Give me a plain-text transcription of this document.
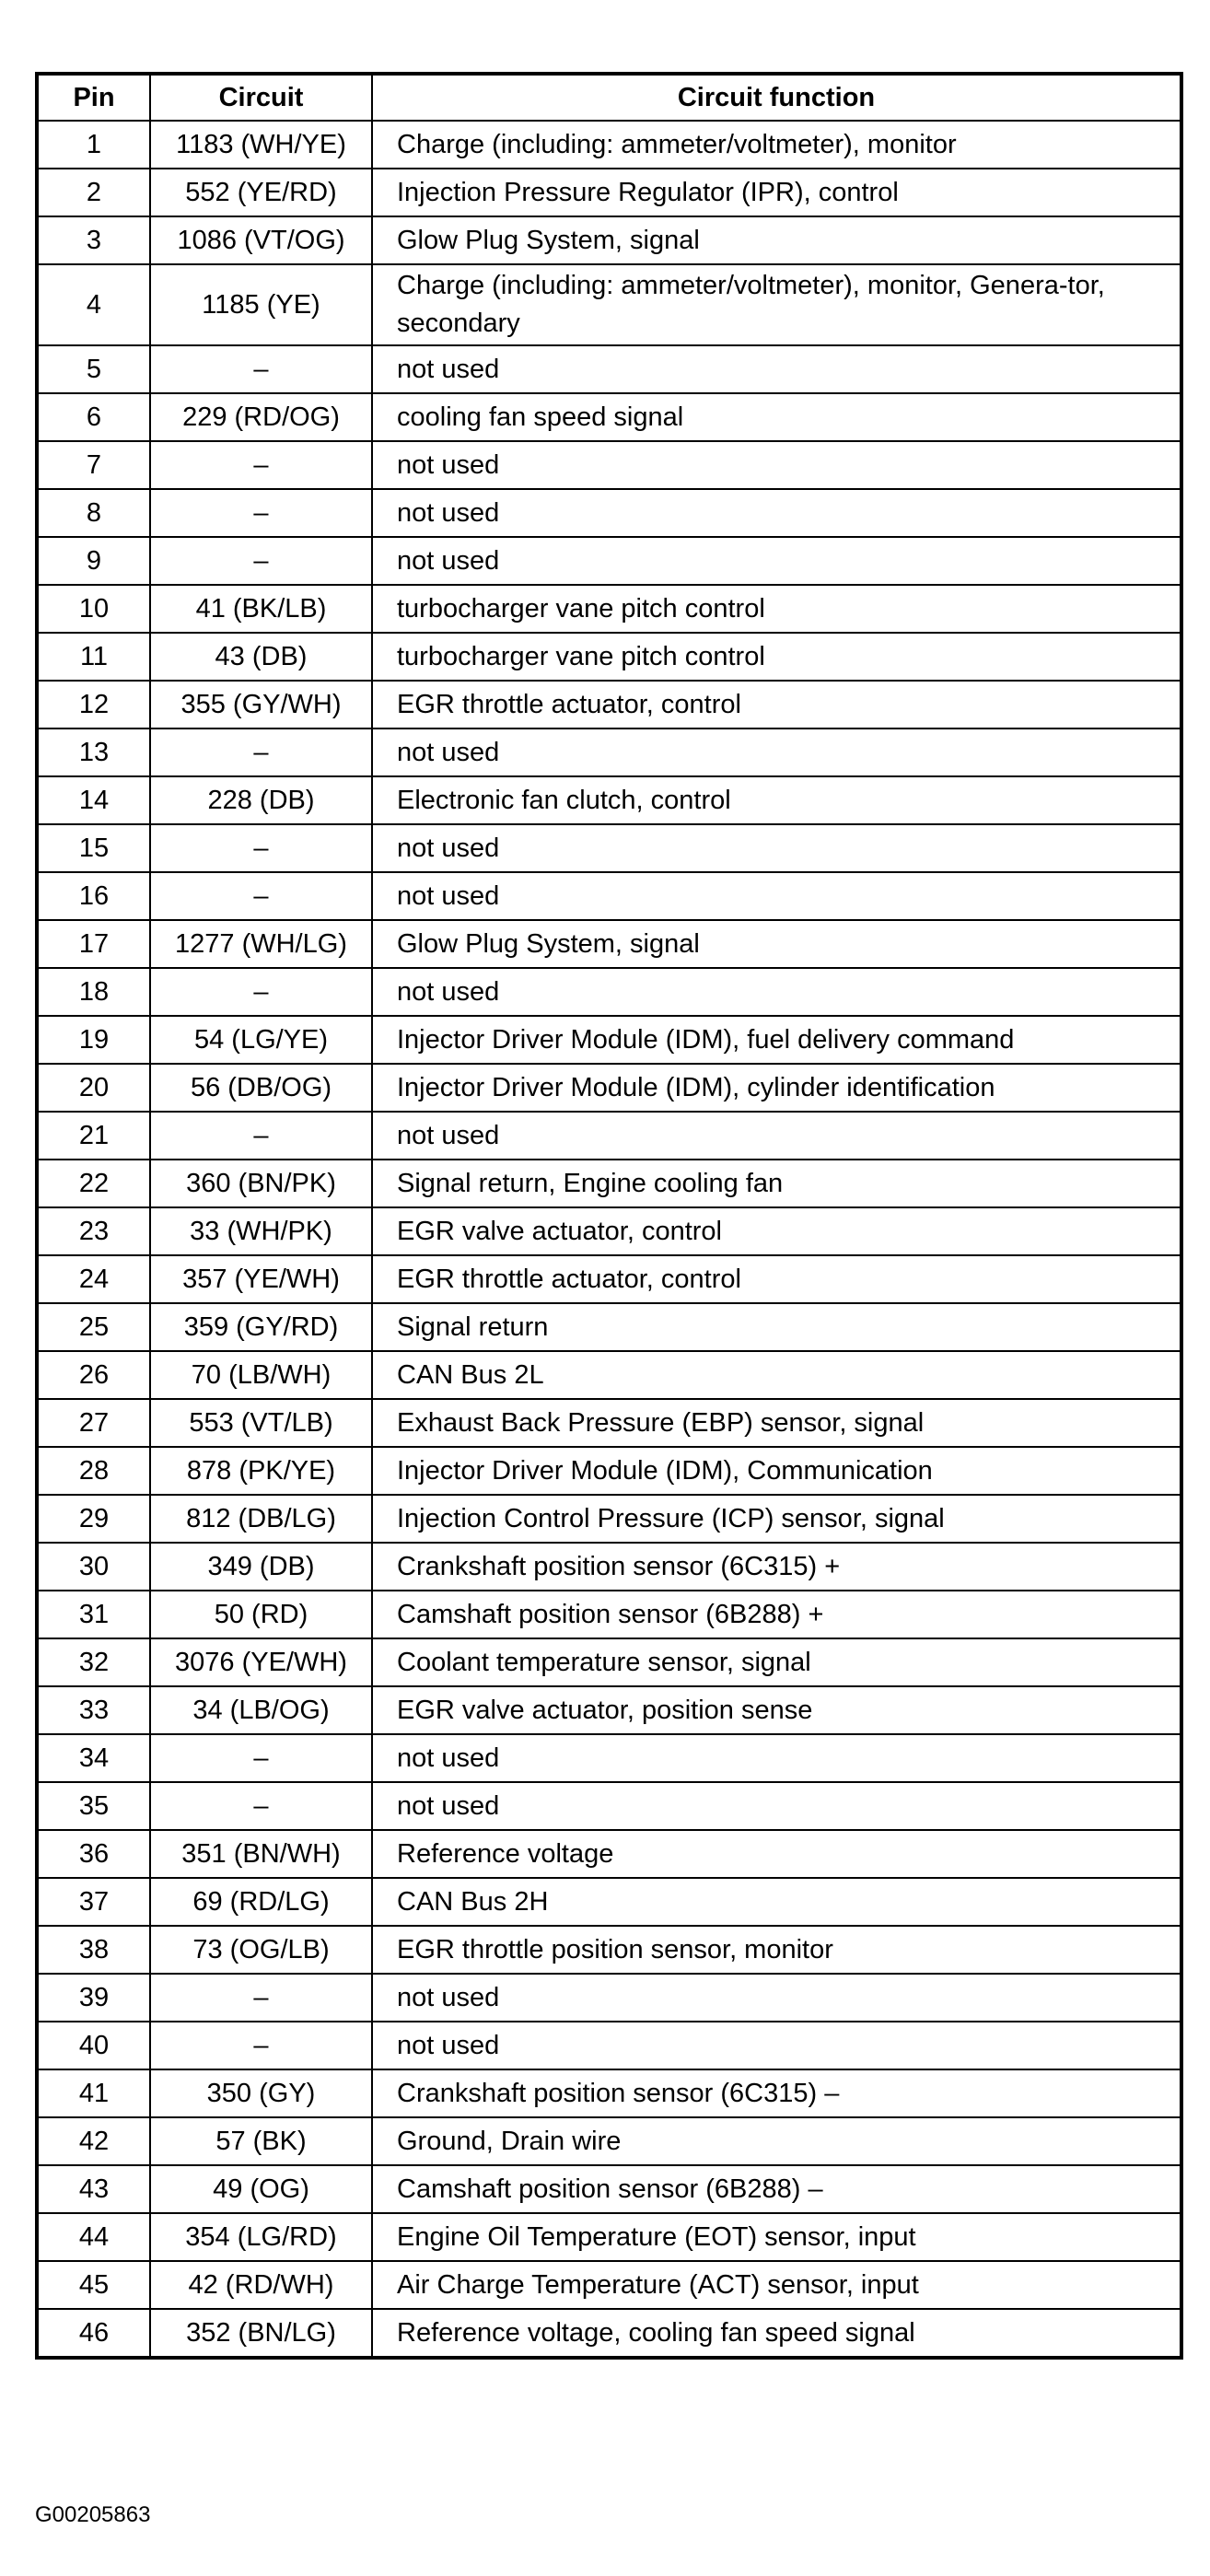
Pin	Circuit	Circuit function
1	1183 (WH/YE)	Charge (including: ammeter/voltmeter), monitor
2	552 (YE/RD)	Injection Pressure Regulator (IPR), control
3	1086 (VT/OG)	Glow Plug System, signal
4	1185 (YE)	Charge (including: ammeter/voltmeter), monitor, Genera-tor, secondary
5	–	not used
6	229 (RD/OG)	cooling fan speed signal
7	–	not used
8	–	not used
9	–	not used
10	41 (BK/LB)	turbocharger vane pitch control
11	43 (DB)	turbocharger vane pitch control
12	355 (GY/WH)	EGR throttle actuator, control
13	–	not used
14	228 (DB)	Electronic fan clutch, control
15	–	not used
16	–	not used
17	1277 (WH/LG)	Glow Plug System, signal
18	–	not used
19	54 (LG/YE)	Injector Driver Module (IDM), fuel delivery command
20	56 (DB/OG)	Injector Driver Module (IDM), cylinder identification
21	–	not used
22	360 (BN/PK)	Signal return, Engine cooling fan
23	33 (WH/PK)	EGR valve actuator, control
24	357 (YE/WH)	EGR throttle actuator, control
25	359 (GY/RD)	Signal return
26	70 (LB/WH)	CAN Bus 2L
27	553 (VT/LB)	Exhaust Back Pressure (EBP) sensor, signal
28	878 (PK/YE)	Injector Driver Module (IDM), Communication
29	812 (DB/LG)	Injection Control Pressure (ICP) sensor, signal
30	349 (DB)	Crankshaft position sensor (6C315) +
31	50 (RD)	Camshaft position sensor (6B288) +
32	3076 (YE/WH)	Coolant temperature sensor, signal
33	34 (LB/OG)	EGR valve actuator, position sense
34	–	not used
35	–	not used
36	351 (BN/WH)	Reference voltage
37	69 (RD/LG)	CAN Bus 2H
38	73 (OG/LB)	EGR throttle position sensor, monitor
39	–	not used
40	–	not used
41	350 (GY)	Crankshaft position sensor (6C315) –
42	57 (BK)	Ground, Drain wire
43	49 (OG)	Camshaft position sensor (6B288) –
44	354 (LG/RD)	Engine Oil Temperature (EOT) sensor, input
45	42 (RD/WH)	Air Charge Temperature (ACT) sensor, input
46	352 (BN/LG)	Reference voltage, cooling fan speed signal
G00205863
